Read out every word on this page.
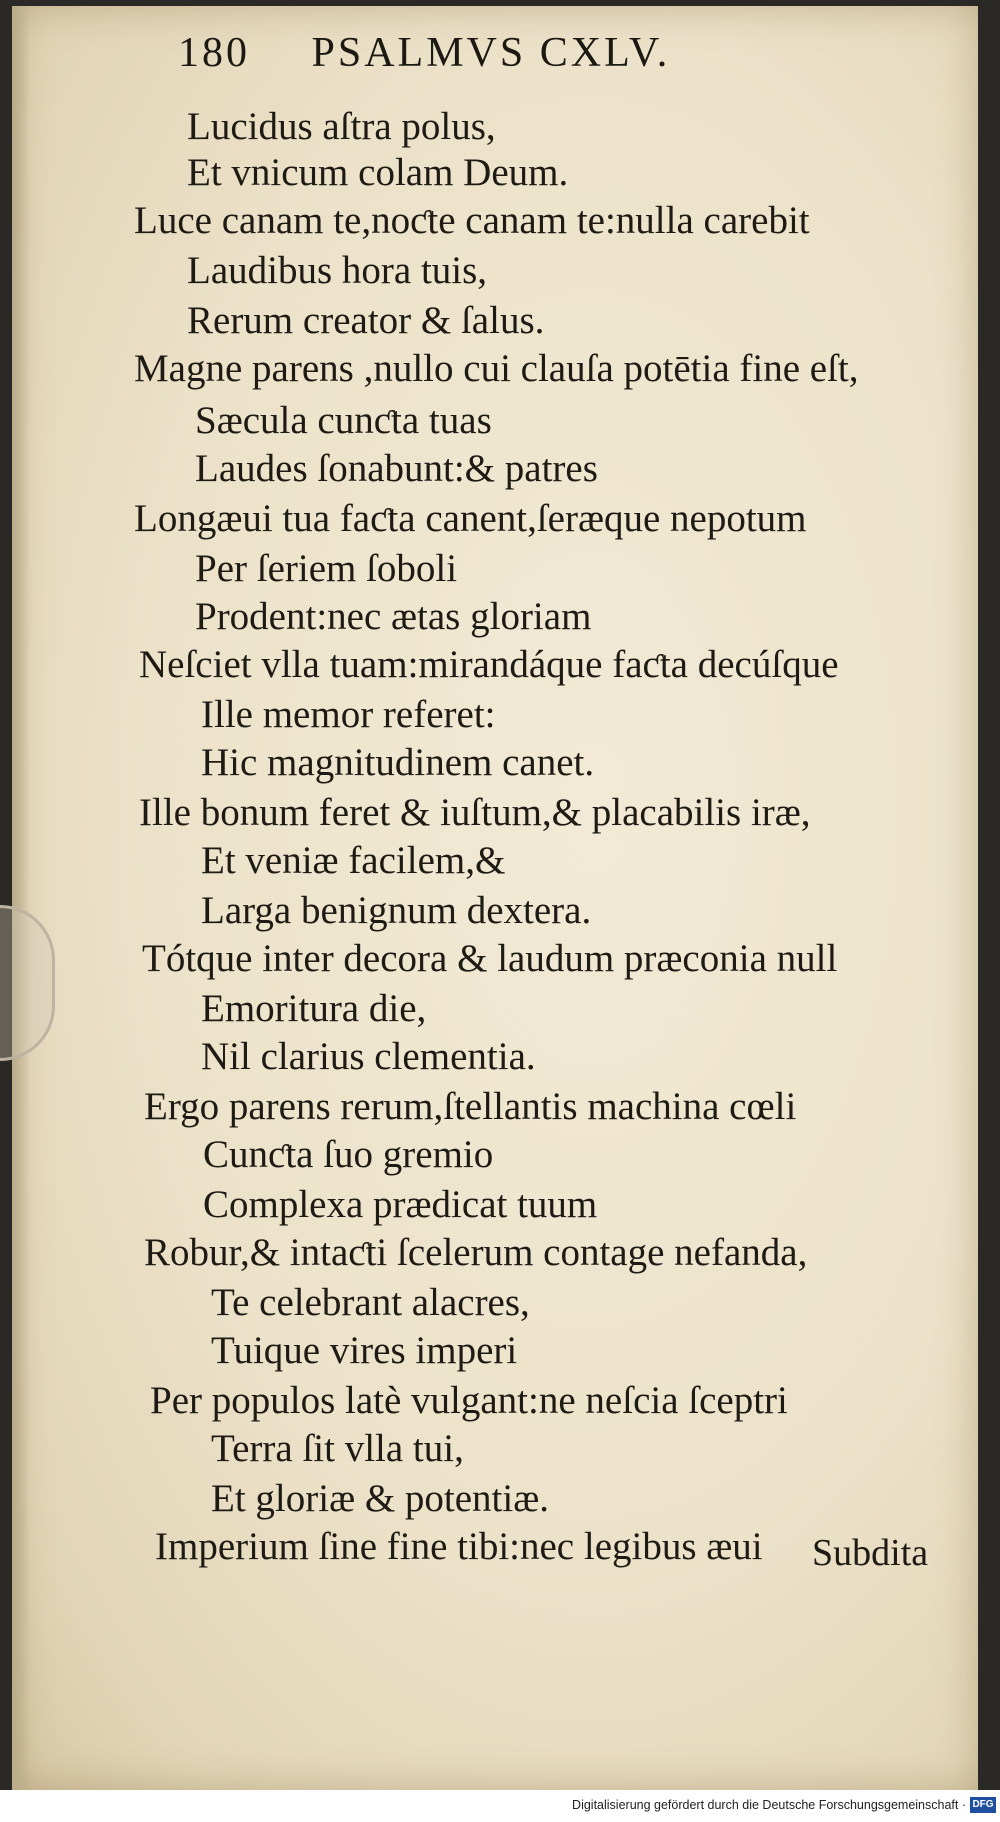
180 PSALMVS CXLV.
Lucidus aſtra polus,
Et vnicum colam Deum.
Luce canam te,noƈte canam te:nulla carebit
Laudibus hora tuis,
Rerum creator & ſalus.
Magne parens ,nullo cui clauſa potētia fine eſt,
Sæcula cunƈta tuas
Laudes ſonabunt:& patres
Longæui tua faƈta canent,ſeræque nepotum
Per ſeriem ſoboli
Prodent:nec ætas gloriam
Neſciet vlla tuam:mirandáque faƈta decúſque
Ille memor referet:
Hic magnitudinem canet.
Ille bonum feret & iuſtum,& placabilis iræ,
Et veniæ facilem,&
Larga benignum dextera.
Tótque inter decora & laudum præconia null
Emoritura die,
Nil clarius clementia.
Ergo parens rerum,ſtellantis machina cœli
Cunƈta ſuo gremio
Complexa prædicat tuum
Robur,& intaƈti ſcelerum contage nefanda,
Te celebrant alacres,
Tuique vires imperi
Per populos latè vulgant:ne neſcia ſceptri
Terra ſit vlla tui,
Et gloriæ & potentiæ.
Imperium ſine fine tibi:nec legibus æui Subdita
Digitalisierung gefördert durch die Deutsche Forschungsgemeinschaft · DFG
